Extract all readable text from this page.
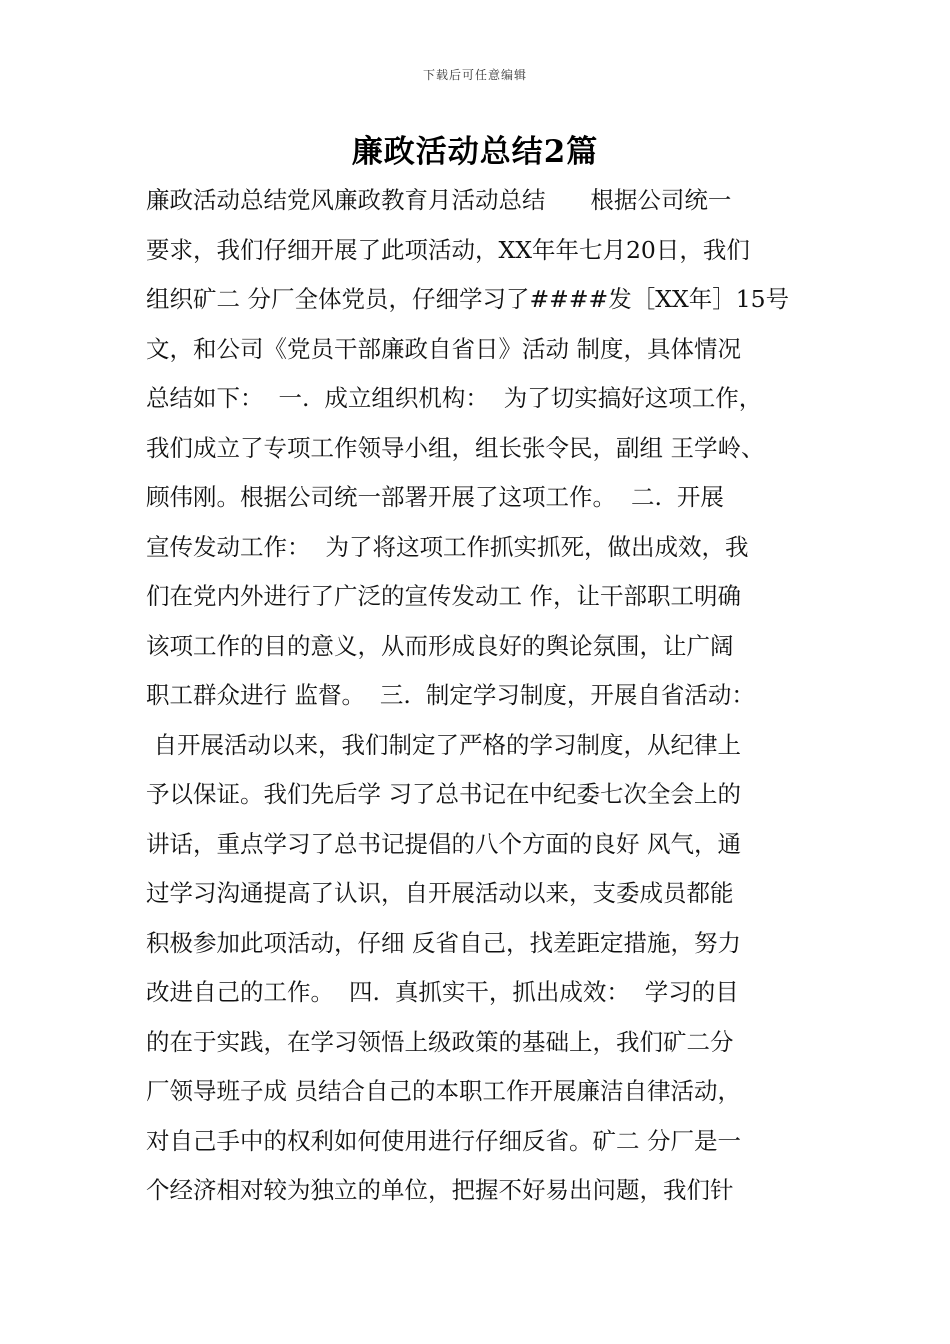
下载后可任意编辑
廉政活动总结2篇
廉政活动总结党风廉政教育月活动总结      根据公司统一
要求，我们仔细开展了此项活动，XX年年七月20日，我们
组织矿二 分厂全体党员，仔细学习了####发［XX年］15号
文，和公司《党员干部廉政自省日》活动 制度，具体情况
总结如下：  一.  成立组织机构：  为了切实搞好这项工作，
我们成立了专项工作领导小组，组长张令民，副组 王学岭、
顾伟刚。根据公司统一部署开展了这项工作。  二.  开展
宣传发动工作：  为了将这项工作抓实抓死，做出成效，我
们在党内外进行了广泛的宣传发动工 作，让干部职工明确
该项工作的目的意义，从而形成良好的舆论氛围，让广阔
职工群众进行 监督。  三.  制定学习制度，开展自省活动：
自开展活动以来，我们制定了严格的学习制度，从纪律上
予以保证。我们先后学 习了总书记在中纪委七次全会上的
讲话，重点学习了总书记提倡的八个方面的良好 风气，通
过学习沟通提高了认识，自开展活动以来，支委成员都能
积极参加此项活动，仔细 反省自己，找差距定措施，努力
改进自己的工作。  四.  真抓实干，抓出成效：  学习的目
的在于实践，在学习领悟上级政策的基础上，我们矿二分
厂领导班子成 员结合自己的本职工作开展廉洁自律活动，
对自己手中的权利如何使用进行仔细反省。矿二 分厂是一
个经济相对较为独立的单位，把握不好易出问题，我们针
